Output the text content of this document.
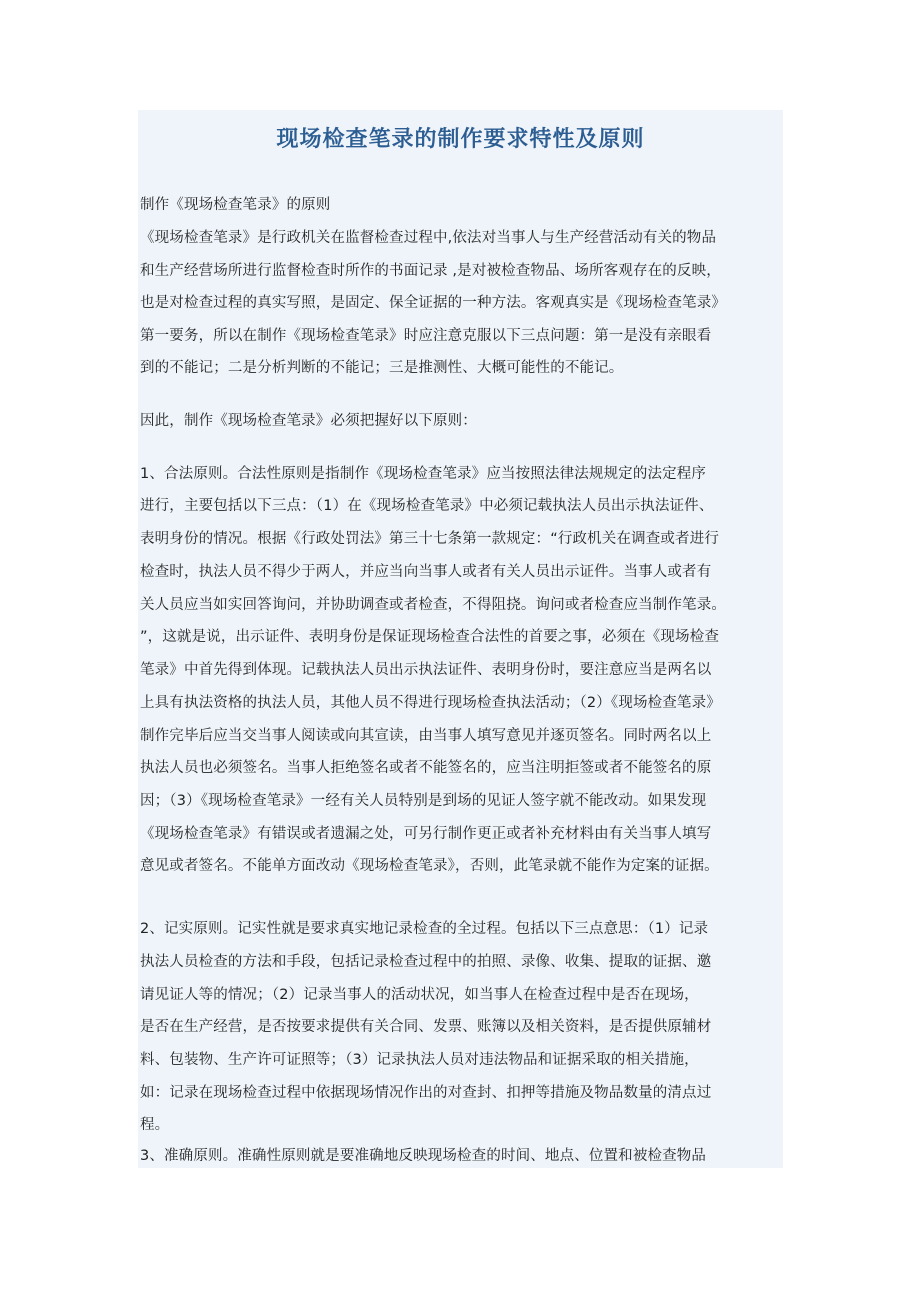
现场检查笔录的制作要求特性及原则
制作《现场检查笔录》的原则
《现场检查笔录》是行政机关在监督检查过程中,依法对当事人与生产经营活动有关的物品
和生产经营场所进行监督检查时所作的书面记录 ,是对被检查物品、场所客观存在的反映，
也是对检查过程的真实写照，是固定、保全证据的一种方法。客观真实是《现场检查笔录》
第一要务，所以在制作《现场检查笔录》时应注意克服以下三点问题：第一是没有亲眼看
到的不能记；二是分析判断的不能记；三是推测性、大概可能性的不能记。
因此，制作《现场检查笔录》必须把握好以下原则：
1、合法原则。合法性原则是指制作《现场检查笔录》应当按照法律法规规定的法定程序
进行，主要包括以下三点：（1）在《现场检查笔录》中必须记载执法人员出示执法证件、
表明身份的情况。根据《行政处罚法》第三十七条第一款规定：“行政机关在调查或者进行
检查时，执法人员不得少于两人，并应当向当事人或者有关人员出示证件。当事人或者有
关人员应当如实回答询问，并协助调查或者检查，不得阻挠。询问或者检查应当制作笔录。
”，这就是说，出示证件、表明身份是保证现场检查合法性的首要之事，必须在《现场检查
笔录》中首先得到体现。记载执法人员出示执法证件、表明身份时，要注意应当是两名以
上具有执法资格的执法人员，其他人员不得进行现场检查执法活动；（2）《现场检查笔录》
制作完毕后应当交当事人阅读或向其宣读，由当事人填写意见并逐页签名。同时两名以上
执法人员也必须签名。当事人拒绝签名或者不能签名的，应当注明拒签或者不能签名的原
因；（3）《现场检查笔录》一经有关人员特别是到场的见证人签字就不能改动。如果发现
《现场检查笔录》有错误或者遗漏之处，可另行制作更正或者补充材料由有关当事人填写
意见或者签名。不能单方面改动《现场检查笔录》，否则，此笔录就不能作为定案的证据。
2、记实原则。记实性就是要求真实地记录检查的全过程。包括以下三点意思：（1）记录
执法人员检查的方法和手段，包括记录检查过程中的拍照、录像、收集、提取的证据、邀
请见证人等的情况；（2）记录当事人的活动状况，如当事人在检查过程中是否在现场，
是否在生产经营，是否按要求提供有关合同、发票、账簿以及相关资料，是否提供原辅材
料、包装物、生产许可证照等；（3）记录执法人员对违法物品和证据采取的相关措施，
如：记录在现场检查过程中依据现场情况作出的对查封、扣押等措施及物品数量的清点过
程。
3、准确原则。准确性原则就是要准确地反映现场检查的时间、地点、位置和被检查物品
